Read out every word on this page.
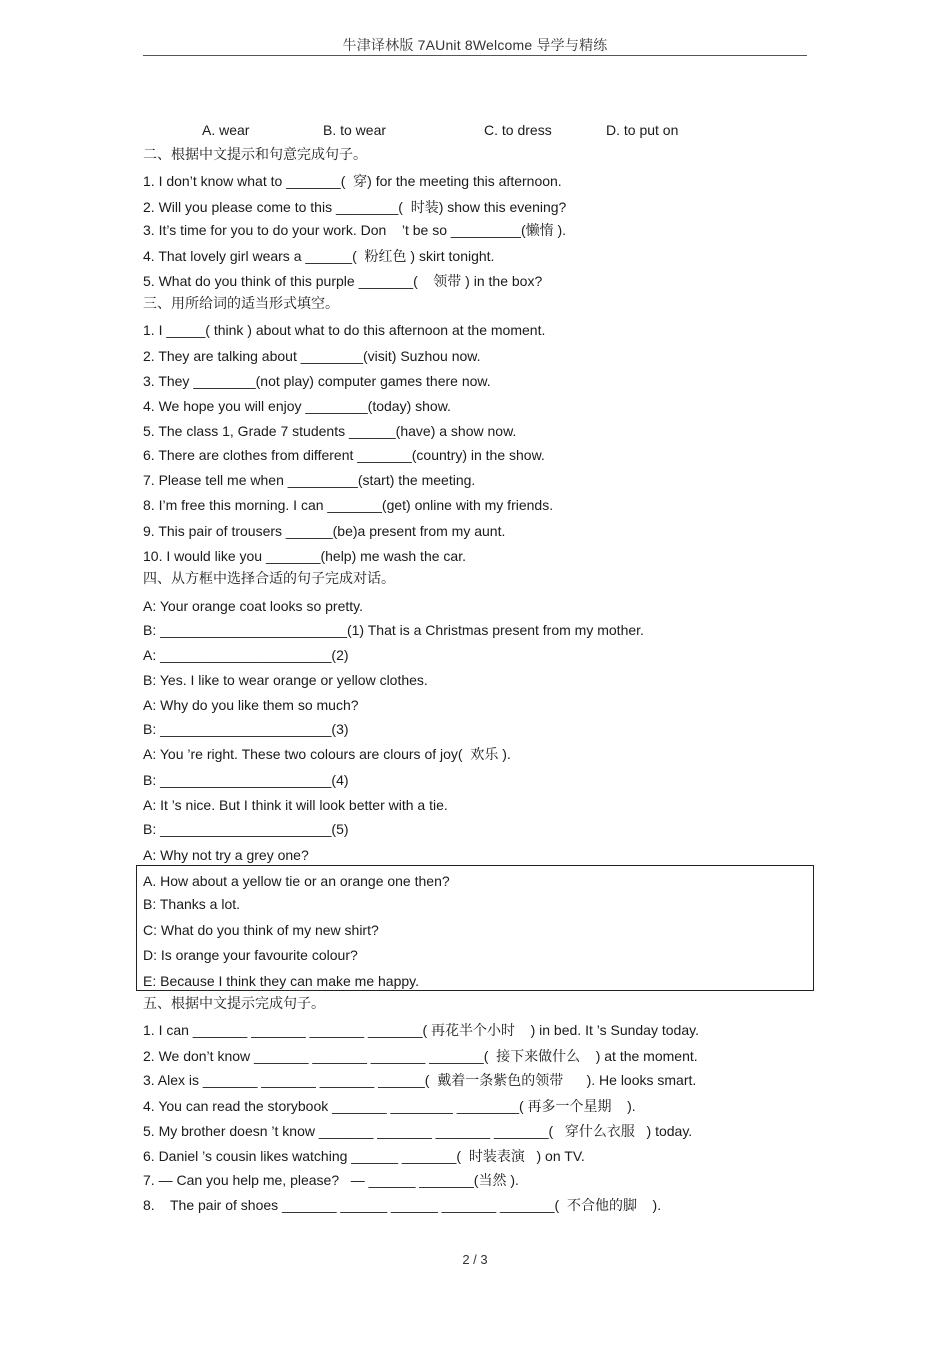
牛津译林版 7AUnit 8Welcome 导学与精练
A. wear	B. to wear	C. to dress	D. to put on
二、根据中文提示和句意完成句子。
1. I don’t know what to _______(  穿) for the meeting this afternoon.
2. Will you please come to this ________(  时装) show this evening?
3. It’s time for you to do your work. Don    ’t be so _________(懒惰 ).
4. That lovely girl wears a ______(  粉红色 ) skirt tonight.
5. What do you think of this purple _______(    领带 ) in the box?
三、用所给词的适当形式填空。
1. I _____( think ) about what to do this afternoon at the moment.
2. They are talking about ________(visit) Suzhou now.
3. They ________(not play) computer games there now.
4. We hope you will enjoy ________(today) show.
5. The class 1, Grade 7 students ______(have) a show now.
6. There are clothes from different _______(country) in the show.
7. Please tell me when _________(start) the meeting.
8. I’m free this morning. I can _______(get) online with my friends.
9. This pair of trousers ______(be)a present from my aunt.
10. I would like you _______(help) me wash the car.
四、从方框中选择合适的句子完成对话。
A: Your orange coat looks so pretty.
B: ________________________(1) That is a Christmas present from my mother.
A: ______________________(2)
B: Yes. I like to wear orange or yellow clothes.
A: Why do you like them so much?
B: ______________________(3)
A: You ’re right. These two colours are clours of joy(  欢乐 ).
B: ______________________(4)
A: It ’s nice. But I think it will look better with a tie.
B: ______________________(5)
A: Why not try a grey one?
A. How about a yellow tie or an orange one then?
B: Thanks a lot.
C: What do you think of my new shirt?
D: Is orange your favourite colour?
E: Because I think they can make me happy.
五、根据中文提示完成句子。
1. I can _______ _______ _______ _______( 再花半个小时    ) in bed. It ’s Sunday today.
2. We don’t know _______ _______ _______ _______(  接下来做什么    ) at the moment.
3. Alex is _______ _______ _______ ______(  戴着一条紫色的领带      ). He looks smart.
4. You can read the storybook _______ ________ ________( 再多一个星期    ).
5. My brother doesn ’t know _______ _______ _______ _______(   穿什么衣服   ) today.
6. Daniel ’s cousin likes watching ______ _______(  时装表演   ) on TV.
7. — Can you help me, please?   — ______ _______(当然 ).
8.    The pair of shoes _______ ______ ______ _______ _______(  不合他的脚    ).
2 / 3
